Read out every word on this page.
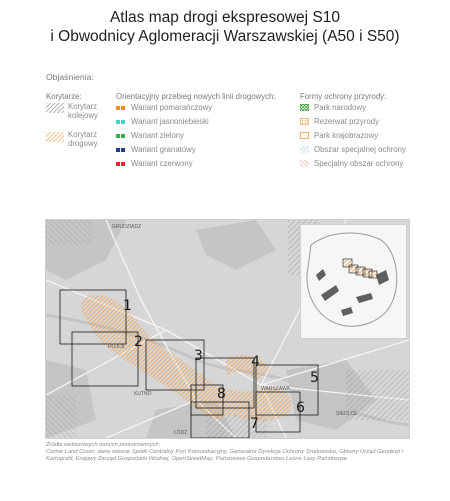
Atlas map drogi ekspresowej S10
i Obwodnicy Aglomeracji Warszawskiej (A50 i S50)
Objaśnienia:
Korytarze:
Korytarz
kolejowy
Korytarz
drogowy
Orientacyjny przebieg nowych linii drogowych:
Wariant pomarańczowy
Wariant jasnoniebieski
Wariant zielony
Wariant granatowy
Wariant czerwony
Formy ochrony przyrody:
Park narodowy
Rezerwat przyrody
Park krajobrazowy
Obszar specjalnej ochrony
Specjalny obszar ochrony
GRUDZIĄDZ
PŁOCK
WARSZAWA
KUTNO
ŁÓDŹ
SIEDLCE
1
2
3	4
5
6
7
8
Źródła wektorowych danych przestrzennych:
Corine Land Cover, dane własne Spółki Centralny Port Komunikacyjny, Generalna Dyrekcja Ochrony Środowiska, Główny Urząd Geodezji i Kartografii, Krajowy Zarząd Gospodarki Wodnej, OpenStreetMap, Państwowe Gospodarstwo Leśne Lasy Państwowe
